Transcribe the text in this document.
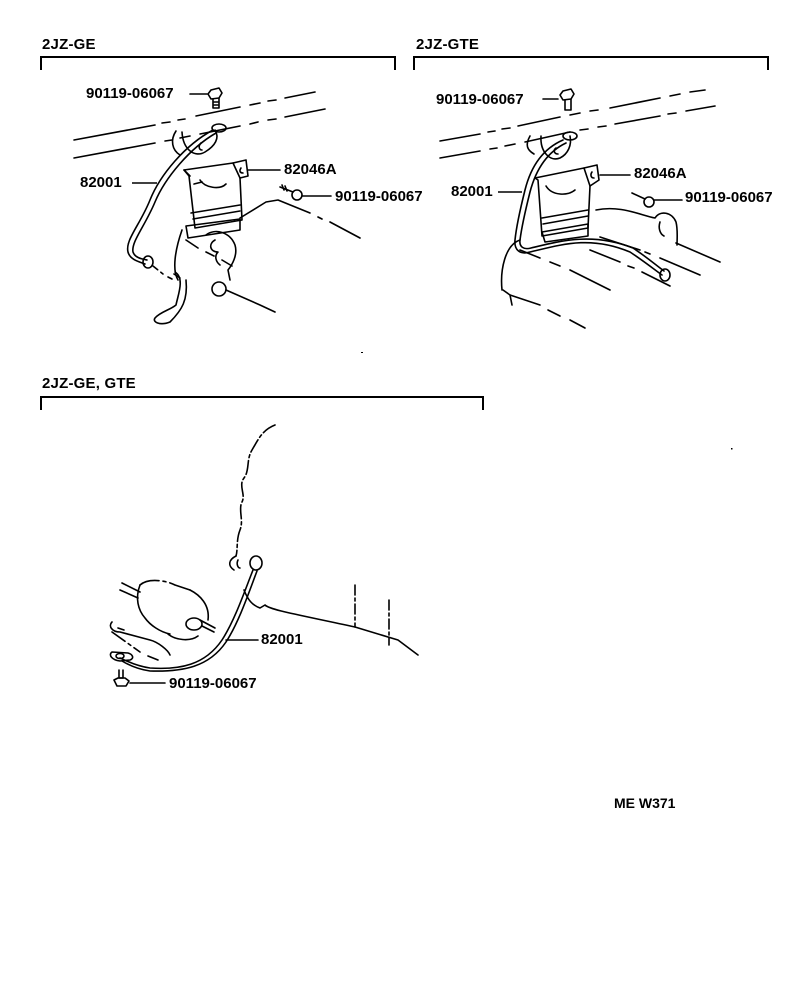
2JZ-GE	2JZ-GTE
2JZ-GE, GTE
90119-06067
82046A
82001
90119-06067
90119-06067
82046A
82001	90119-06067
82001
90119-06067
ME W371
